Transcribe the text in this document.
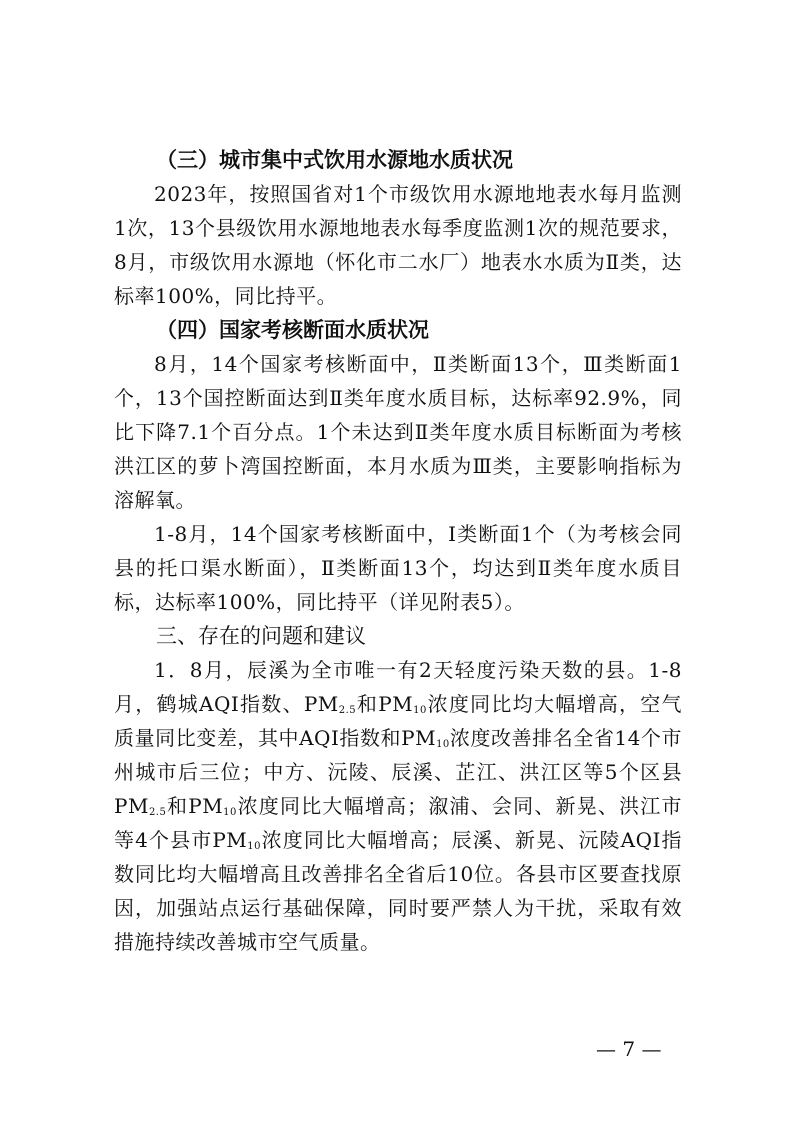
（三）城市集中式饮用水源地水质状况

2023年，按照国省对1个市级饮用水源地地表水每月监测1次，13个县级饮用水源地地表水每季度监测1次的规范要求，8月，市级饮用水源地（怀化市二水厂）地表水水质为Ⅱ类，达标率100%，同比持平。

（四）国家考核断面水质状况

8月，14个国家考核断面中，Ⅱ类断面13个，Ⅲ类断面1个，13个国控断面达到Ⅱ类年度水质目标，达标率92.9%，同比下降7.1个百分点。1个未达到Ⅱ类年度水质目标断面为考核洪江区的萝卜湾国控断面，本月水质为Ⅲ类，主要影响指标为溶解氧。

1-8月，14个国家考核断面中，Ⅰ类断面1个（为考核会同县的托口渠水断面），Ⅱ类断面13个，均达到Ⅱ类年度水质目标，达标率100%，同比持平（详见附表5）。

三、存在的问题和建议

1．8月，辰溪为全市唯一有2天轻度污染天数的县。1-8月，鹤城AQI指数、$PM_{2.5}$和$PM_{10}$浓度同比均大幅增高，空气质量同比变差，其中AQI指数和$PM_{10}$浓度改善排名全省14个市州城市后三位；中方、沅陵、辰溪、芷江、洪江区等5个区县$PM_{2.5}$和$PM_{10}$浓度同比大幅增高；溆浦、会同、新晃、洪江市等4个县市$PM_{10}$浓度同比大幅增高；辰溪、新晃、沅陵AQI指数同比均大幅增高且改善排名全省后10位。各县市区要查找原因，加强站点运行基础保障，同时要严禁人为干扰，采取有效措施持续改善城市空气质量。

— 7 —
